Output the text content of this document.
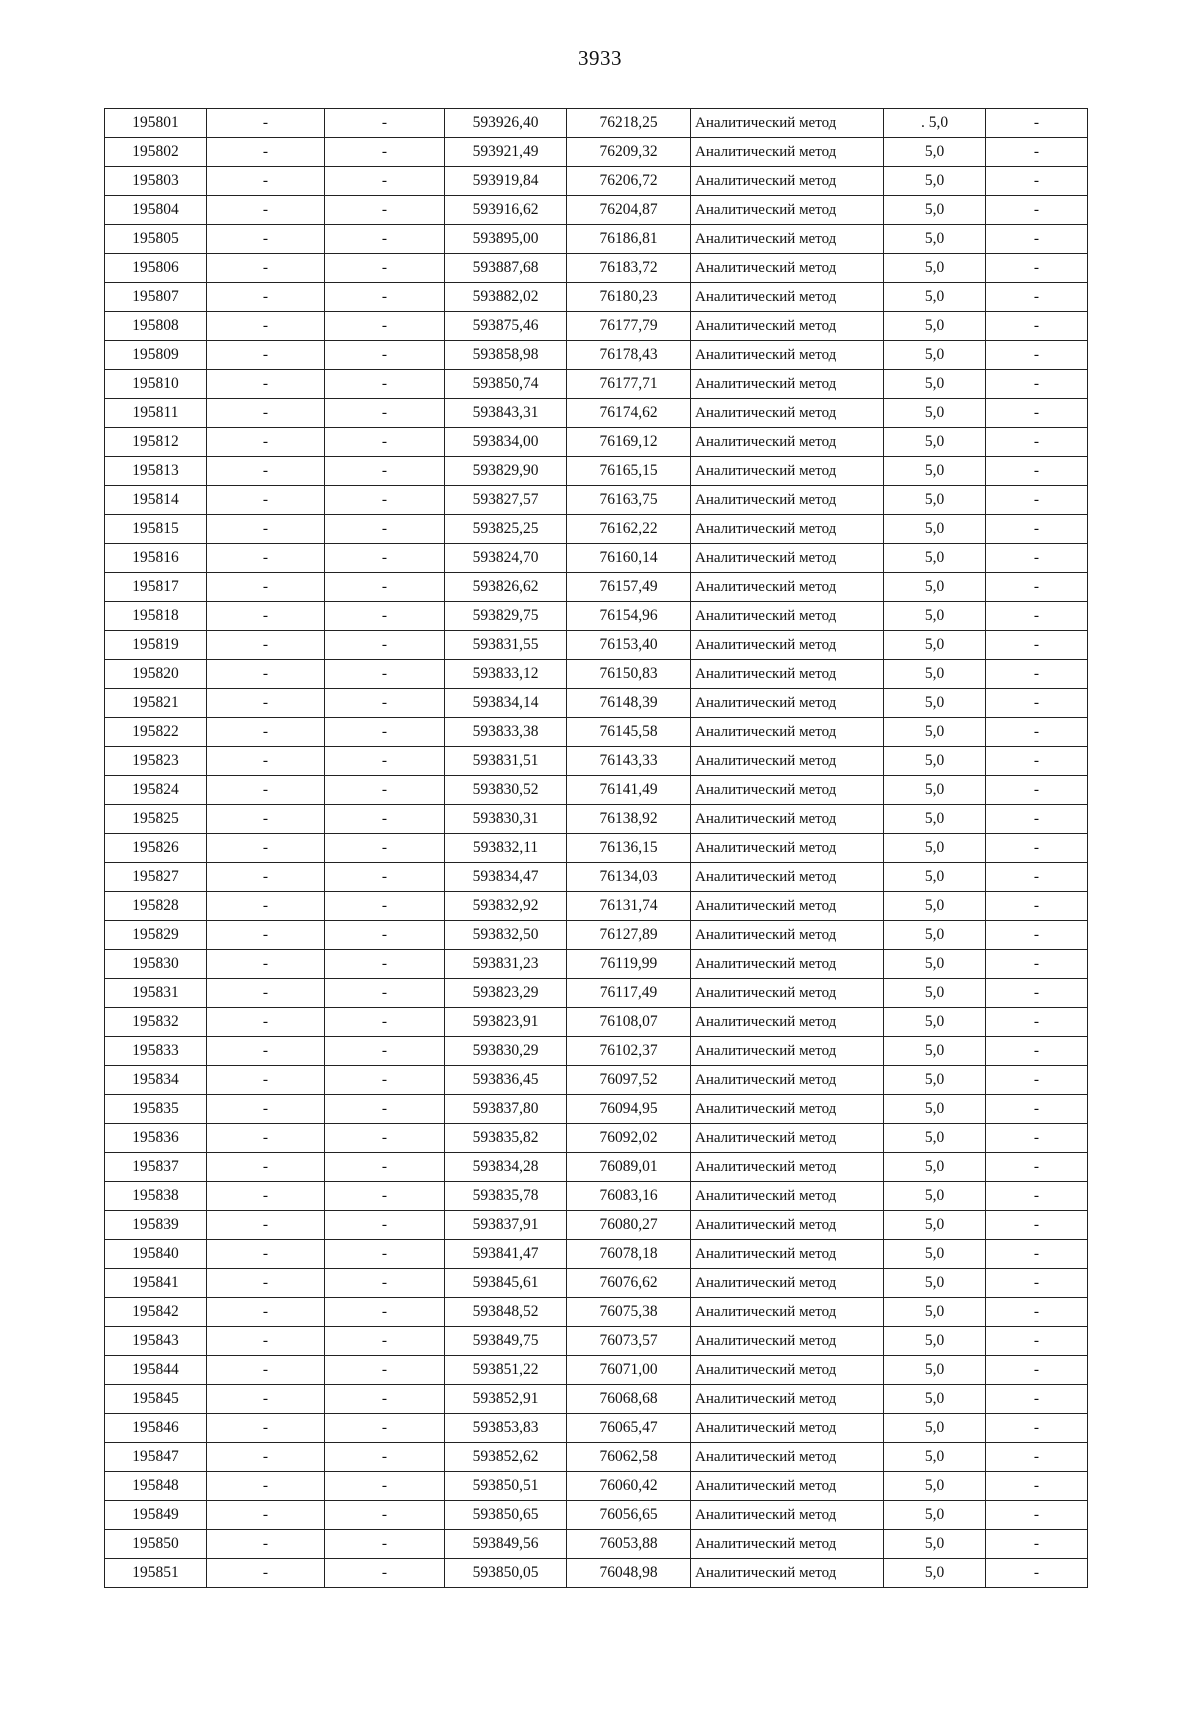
3933
195801	-	-	593926,40	76218,25	Аналитический метод	. 5,0	-
195802	-	-	593921,49	76209,32	Аналитический метод	5,0	-
195803	-	-	593919,84	76206,72	Аналитический метод	5,0	-
195804	-	-	593916,62	76204,87	Аналитический метод	5,0	-
195805	-	-	593895,00	76186,81	Аналитический метод	5,0	-
195806	-	-	593887,68	76183,72	Аналитический метод	5,0	-
195807	-	-	593882,02	76180,23	Аналитический метод	5,0	-
195808	-	-	593875,46	76177,79	Аналитический метод	5,0	-
195809	-	-	593858,98	76178,43	Аналитический метод	5,0	-
195810	-	-	593850,74	76177,71	Аналитический метод	5,0	-
195811	-	-	593843,31	76174,62	Аналитический метод	5,0	-
195812	-	-	593834,00	76169,12	Аналитический метод	5,0	-
195813	-	-	593829,90	76165,15	Аналитический метод	5,0	-
195814	-	-	593827,57	76163,75	Аналитический метод	5,0	-
195815	-	-	593825,25	76162,22	Аналитический метод	5,0	-
195816	-	-	593824,70	76160,14	Аналитический метод	5,0	-
195817	-	-	593826,62	76157,49	Аналитический метод	5,0	-
195818	-	-	593829,75	76154,96	Аналитический метод	5,0	-
195819	-	-	593831,55	76153,40	Аналитический метод	5,0	-
195820	-	-	593833,12	76150,83	Аналитический метод	5,0	-
195821	-	-	593834,14	76148,39	Аналитический метод	5,0	-
195822	-	-	593833,38	76145,58	Аналитический метод	5,0	-
195823	-	-	593831,51	76143,33	Аналитический метод	5,0	-
195824	-	-	593830,52	76141,49	Аналитический метод	5,0	-
195825	-	-	593830,31	76138,92	Аналитический метод	5,0	-
195826	-	-	593832,11	76136,15	Аналитический метод	5,0	-
195827	-	-	593834,47	76134,03	Аналитический метод	5,0	-
195828	-	-	593832,92	76131,74	Аналитический метод	5,0	-
195829	-	-	593832,50	76127,89	Аналитический метод	5,0	-
195830	-	-	593831,23	76119,99	Аналитический метод	5,0	-
195831	-	-	593823,29	76117,49	Аналитический метод	5,0	-
195832	-	-	593823,91	76108,07	Аналитический метод	5,0	-
195833	-	-	593830,29	76102,37	Аналитический метод	5,0	-
195834	-	-	593836,45	76097,52	Аналитический метод	5,0	-
195835	-	-	593837,80	76094,95	Аналитический метод	5,0	-
195836	-	-	593835,82	76092,02	Аналитический метод	5,0	-
195837	-	-	593834,28	76089,01	Аналитический метод	5,0	-
195838	-	-	593835,78	76083,16	Аналитический метод	5,0	-
195839	-	-	593837,91	76080,27	Аналитический метод	5,0	-
195840	-	-	593841,47	76078,18	Аналитический метод	5,0	-
195841	-	-	593845,61	76076,62	Аналитический метод	5,0	-
195842	-	-	593848,52	76075,38	Аналитический метод	5,0	-
195843	-	-	593849,75	76073,57	Аналитический метод	5,0	-
195844	-	-	593851,22	76071,00	Аналитический метод	5,0	-
195845	-	-	593852,91	76068,68	Аналитический метод	5,0	-
195846	-	-	593853,83	76065,47	Аналитический метод	5,0	-
195847	-	-	593852,62	76062,58	Аналитический метод	5,0	-
195848	-	-	593850,51	76060,42	Аналитический метод	5,0	-
195849	-	-	593850,65	76056,65	Аналитический метод	5,0	-
195850	-	-	593849,56	76053,88	Аналитический метод	5,0	-
195851	-	-	593850,05	76048,98	Аналитический метод	5,0	-
